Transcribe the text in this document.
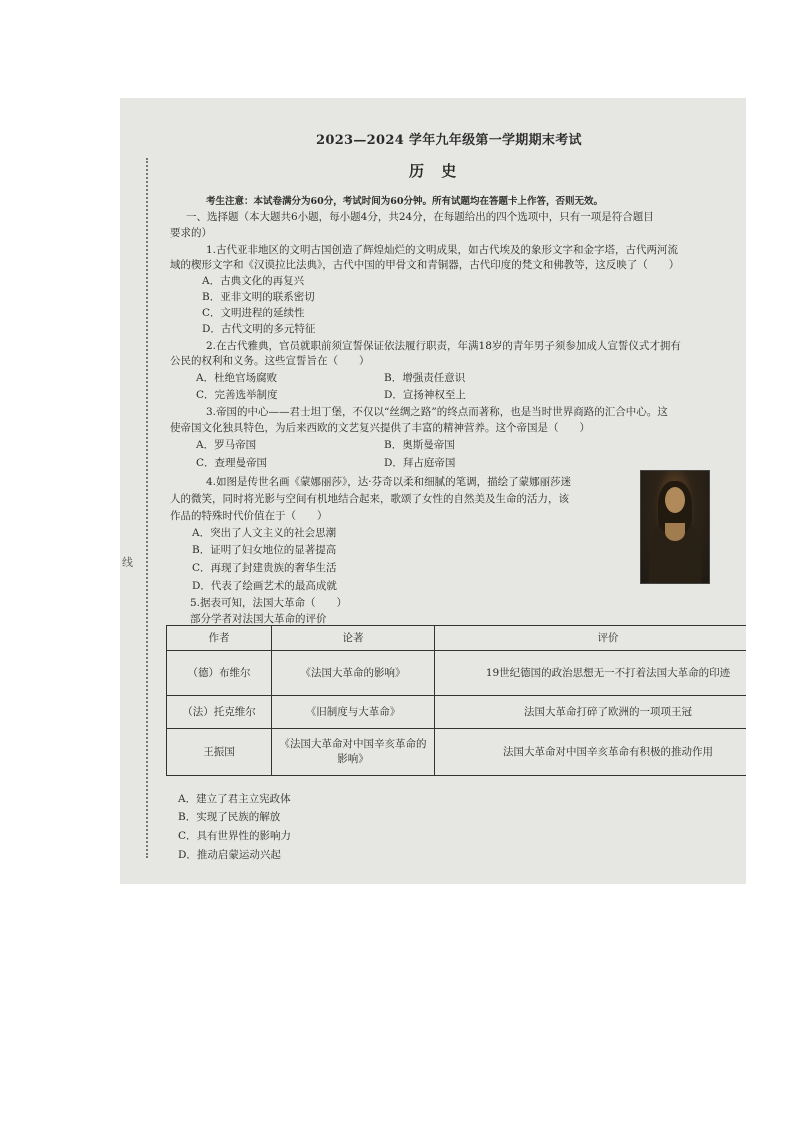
线
2023—2024 学年九年级第一学期期末考试
历 史
考生注意：本试卷满分为60分，考试时间为60分钟。所有试题均在答题卡上作答，否则无效。
一、选择题（本大题共6小题，每小题4分，共24分，在每题给出的四个选项中，只有一项是符合题目
要求的）
1.古代亚非地区的文明古国创造了辉煌灿烂的文明成果，如古代埃及的象形文字和金字塔，古代两河流
域的楔形文字和《汉谟拉比法典》，古代中国的甲骨文和青铜器，古代印度的梵文和佛教等，这反映了（　　）
A．古典文化的再复兴
B．亚非文明的联系密切
C．文明进程的延续性
D．古代文明的多元特征
2.在古代雅典，官员就职前须宣誓保证依法履行职责，年满18岁的青年男子须参加成人宣誓仪式才拥有
公民的权利和义务。这些宣誓旨在（　　）
A．杜绝官场腐败	B．增强责任意识
C．完善选举制度	D．宣扬神权至上
3.帝国的中心——君士坦丁堡，不仅以“丝绸之路”的终点而著称，也是当时世界商路的汇合中心。这
使帝国文化独具特色，为后来西欧的文艺复兴提供了丰富的精神营养。这个帝国是（　　）
A．罗马帝国	B．奥斯曼帝国
C．查理曼帝国	D．拜占庭帝国
4.如图是传世名画《蒙娜丽莎》，达·芬奇以柔和细腻的笔调，描绘了蒙娜丽莎迷
人的微笑，同时将光影与空间有机地结合起来，歌颂了女性的自然美及生命的活力，该
作品的特殊时代价值在于（　　）
A．突出了人文主义的社会思潮
B．证明了妇女地位的显著提高
C．再现了封建贵族的奢华生活
D．代表了绘画艺术的最高成就
5.据表可知，法国大革命（　　）
部分学者对法国大革命的评价
作者	论著	评价
（德）布维尔	《法国大革命的影响》	19世纪德国的政治思想无一不打着法国大革命的印迹
（法）托克维尔	《旧制度与大革命》	法国大革命打碎了欧洲的一项项王冠
王振国	《法国大革命对中国辛亥革命的影响》	法国大革命对中国辛亥革命有积极的推动作用
A．建立了君主立宪政体
B．实现了民族的解放
C．具有世界性的影响力
D．推动启蒙运动兴起
